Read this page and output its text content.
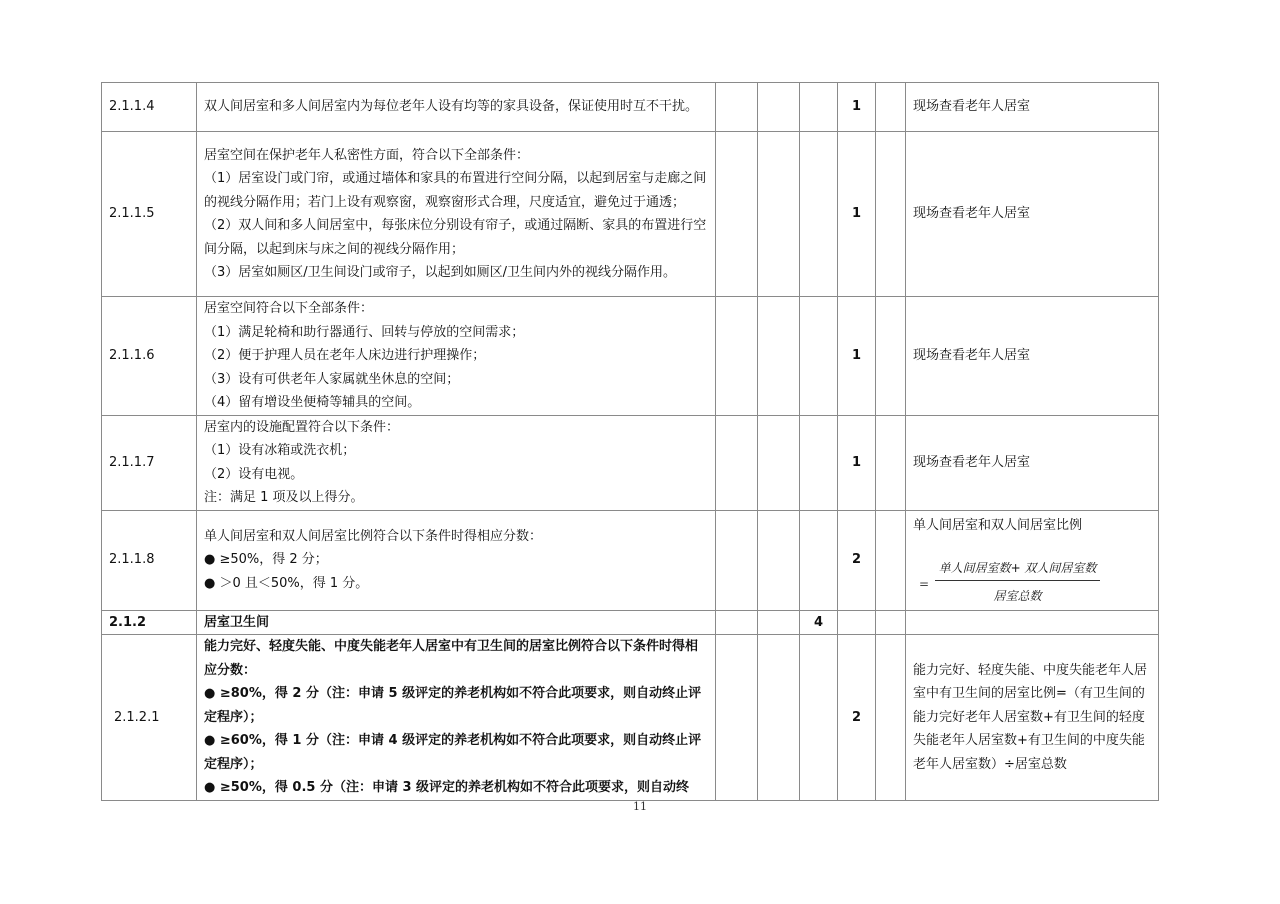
2.1.1.4	双人间居室和多人间居室内为每位老年人设有均等的家具设备，保证使用时互不干扰。				1		现场查看老年人居室
2.1.1.5	居室空间在保护老年人私密性方面，符合以下全部条件：
（1）居室设门或门帘，或通过墙体和家具的布置进行空间分隔，以起到居室与走廊之间的视线分隔作用；若门上设有观察窗，观察窗形式合理，尺度适宜，避免过于通透；
（2）双人间和多人间居室中，每张床位分别设有帘子，或通过隔断、家具的布置进行空间分隔，以起到床与床之间的视线分隔作用；
（3）居室如厕区/卫生间设门或帘子，以起到如厕区/卫生间内外的视线分隔作用。				1		现场查看老年人居室
2.1.1.6	居室空间符合以下全部条件：
（1）满足轮椅和助行器通行、回转与停放的空间需求；
（2）便于护理人员在老年人床边进行护理操作；
（3）设有可供老年人家属就坐休息的空间；
（4）留有增设坐便椅等辅具的空间。				1		现场查看老年人居室
2.1.1.7	居室内的设施配置符合以下条件：
（1）设有冰箱或洗衣机；
（2）设有电视。
注：满足 1 项及以上得分。				1		现场查看老年人居室
2.1.1.8	单人间居室和双人间居室比例符合以下条件时得相应分数：
● ≥50%，得 2 分；
● ＞0 且＜50%，得 1 分。				2		单人间居室和双人间居室比例
=
单人间居室数+ 双人间居室数
居室总数

2.1.2	居室卫生间			4			
2.1.2.1	能力完好、轻度失能、中度失能老年人居室中有卫生间的居室比例符合以下条件时得相应分数：
● ≥80%，得 2 分（注：申请 5 级评定的养老机构如不符合此项要求，则自动终止评定程序）；
● ≥60%，得 1 分（注：申请 4 级评定的养老机构如不符合此项要求，则自动终止评定程序）；
● ≥50%，得 0.5 分（注：申请 3 级评定的养老机构如不符合此项要求，则自动终				2		能力完好、轻度失能、中度失能老年人居室中有卫生间的居室比例=（有卫生间的能力完好老年人居室数+有卫生间的轻度失能老年人居室数+有卫生间的中度失能老年人居室数）÷居室总数
11
